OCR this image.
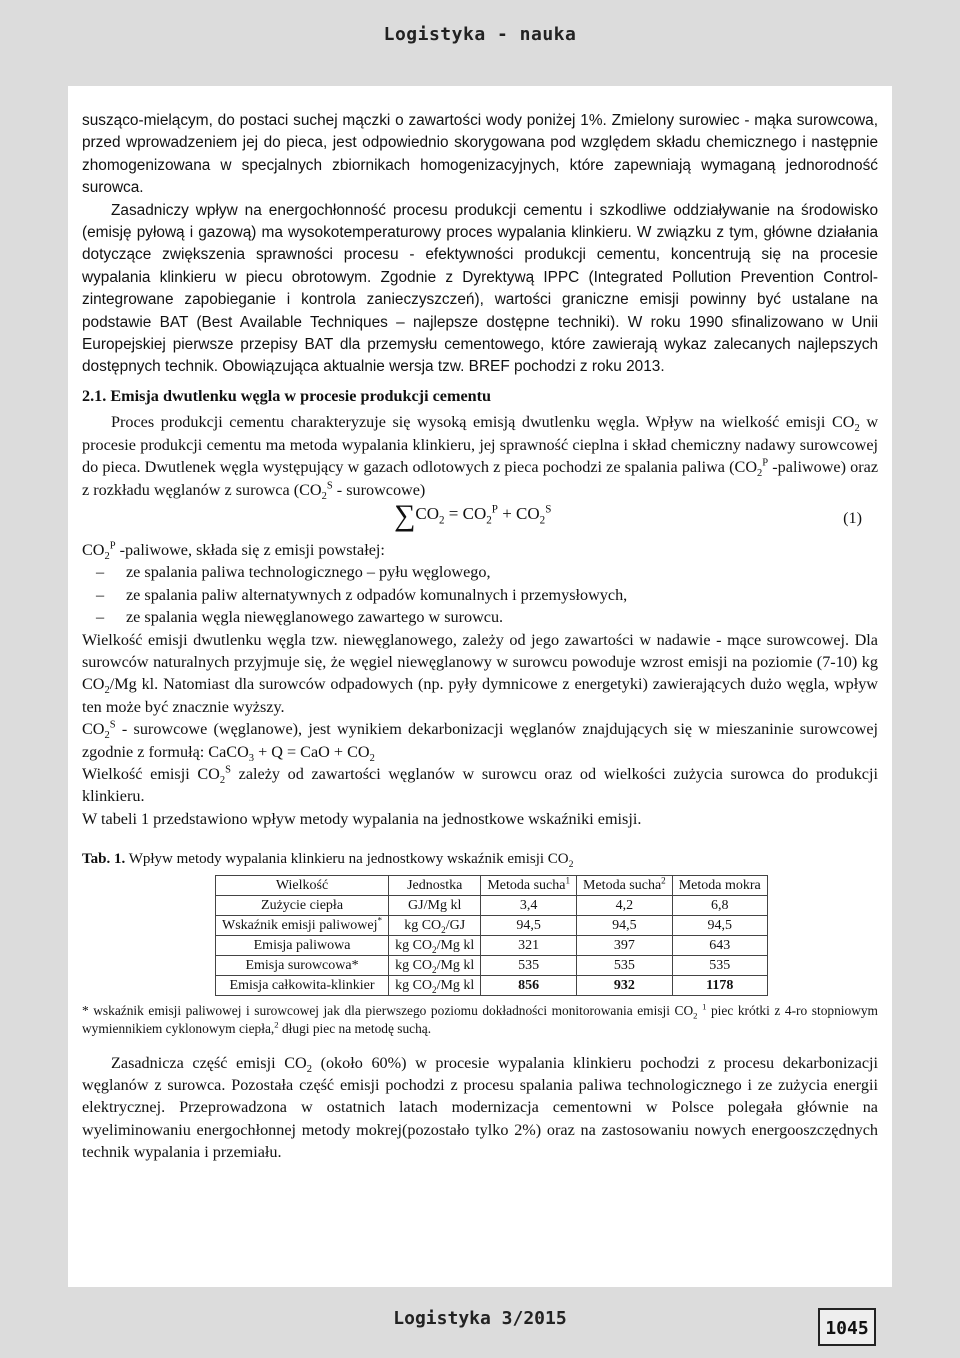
Logistyka - nauka

susząco-mielącym, do postaci suchej mączki o zawartości wody poniżej 1%. Zmielony surowiec - mąka surowcowa, przed wprowadzeniem jej do pieca, jest odpowiednio skorygowana pod względem składu chemicznego i następnie zhomogenizowana w specjalnych zbiornikach homogenizacyjnych, które zapewniają wymaganą jednorodność surowca.

Zasadniczy wpływ na energochłonność procesu produkcji cementu i szkodliwe oddziaływanie na środowisko (emisję pyłową i gazową) ma wysokotemperaturowy proces wypalania klinkieru. W związku z tym, główne działania dotyczące zwiększenia sprawności procesu - efektywności produkcji cementu, koncentrują się na procesie wypalania klinkieru w piecu obrotowym. Zgodnie z Dyrektywą IPPC (Integrated Pollution Prevention Control- zintegrowane zapobieganie i kontrola zanieczyszczeń), wartości graniczne emisji powinny być ustalane na podstawie BAT (Best Available Techniques – najlepsze dostępne techniki). W roku 1990 sfinalizowano w Unii Europejskiej pierwsze przepisy BAT dla przemysłu cementowego, które zawierają wykaz zalecanych najlepszych dostępnych technik. Obowiązująca aktualnie wersja tzw. BREF pochodzi z roku 2013.

2.1. Emisja dwutlenku węgla w procesie produkcji cementu

Proces produkcji cementu charakteryzuje się wysoką emisją dwutlenku węgla. Wpływ na wielkość emisji $CO_2$ w procesie produkcji cementu ma metoda wypalania klinkieru, jej sprawność cieplna i skład chemiczny nadawy surowcowej do pieca. Dwutlenek węgla występujący w gazach odlotowych z pieca pochodzi ze spalania paliwa ($CO_2^P$ -paliwowe) oraz z rozkładu węglanów z surowca ($CO_2^S$ - surowcowe)

$\sum CO_2 = CO_2^P + CO_2^S$	(1)

$CO_2^P$ -paliwowe, składa się z emisji powstałej:

– ze spalania paliwa technologicznego – pyłu węglowego,

– ze spalania paliw alternatywnych z odpadów komunalnych i przemysłowych,

– ze spalania węgla niewęglanowego zawartego w surowcu.

Wielkość emisji dwutlenku węgla tzw. niewęglanowego, zależy od jego zawartości w nadawie - mące surowcowej. Dla surowców naturalnych przyjmuje się, że węgiel niewęglanowy w surowcu powoduje wzrost emisji na poziomie (7-10) kg $CO_2/Mg$ kl. Natomiast dla surowców odpadowych (np. pyły dymnicowe z energetyki) zawierających dużo węgla, wpływ ten może być znacznie wyższy.

$CO_2^S$ - surowcowe (węglanowe), jest wynikiem dekarbonizacji węglanów znajdujących się w mieszaninie surowcowej zgodnie z formułą: CaCO$_3$ + Q = CaO + $CO_2$

Wielkość emisji $CO_2^S$ zależy od zawartości węglanów w surowcu oraz od wielkości zużycia surowca do produkcji klinkieru.

W tabeli 1 przedstawiono wpływ metody wypalania na jednostkowe wskaźniki emisji.

Tab. 1. Wpływ metody wypalania klinkieru na jednostkowy wskaźnik emisji $CO_2$

Wielkość	Jednostka	Metoda sucha$^1$	Metoda sucha$^2$	Metoda mokra
Zużycie ciepła	GJ/Mg kl	3,4	4,2	6,8
Wskaźnik emisji paliwowej*	kg $CO_2/GJ$	94,5	94,5	94,5
Emisja paliwowa	kg $CO_2/Mg$ kl	321	397	643
Emisja surowcowa*	kg $CO_2/Mg$ kl	535	535	535
Emisja całkowita-klinkier	kg $CO_2/Mg$ kl	856	932	1178

* wskaźnik emisji paliwowej i surowcowej jak dla pierwszego poziomu dokładności monitorowania emisji $CO_2$ $^1$ piec krótki z 4-ro stopniowym wymiennikiem cyklonowym ciepła,$^2$ długi piec na metodę suchą.

Zasadnicza część emisji $CO_2$ (około 60%) w procesie wypalania klinkieru pochodzi z procesu dekarbonizacji węglanów z surowca. Pozostała część emisji pochodzi z procesu spalania paliwa technologicznego i ze zużycia energii elektrycznej. Przeprowadzona w ostatnich latach modernizacja cementowni w Polsce polegała głównie na wyeliminowaniu energochłonnej metody mokrej(pozostało tylko 2%) oraz na zastosowaniu nowych energooszczędnych technik wypalania i przemiału.

Logistyka 3/2015	1045
